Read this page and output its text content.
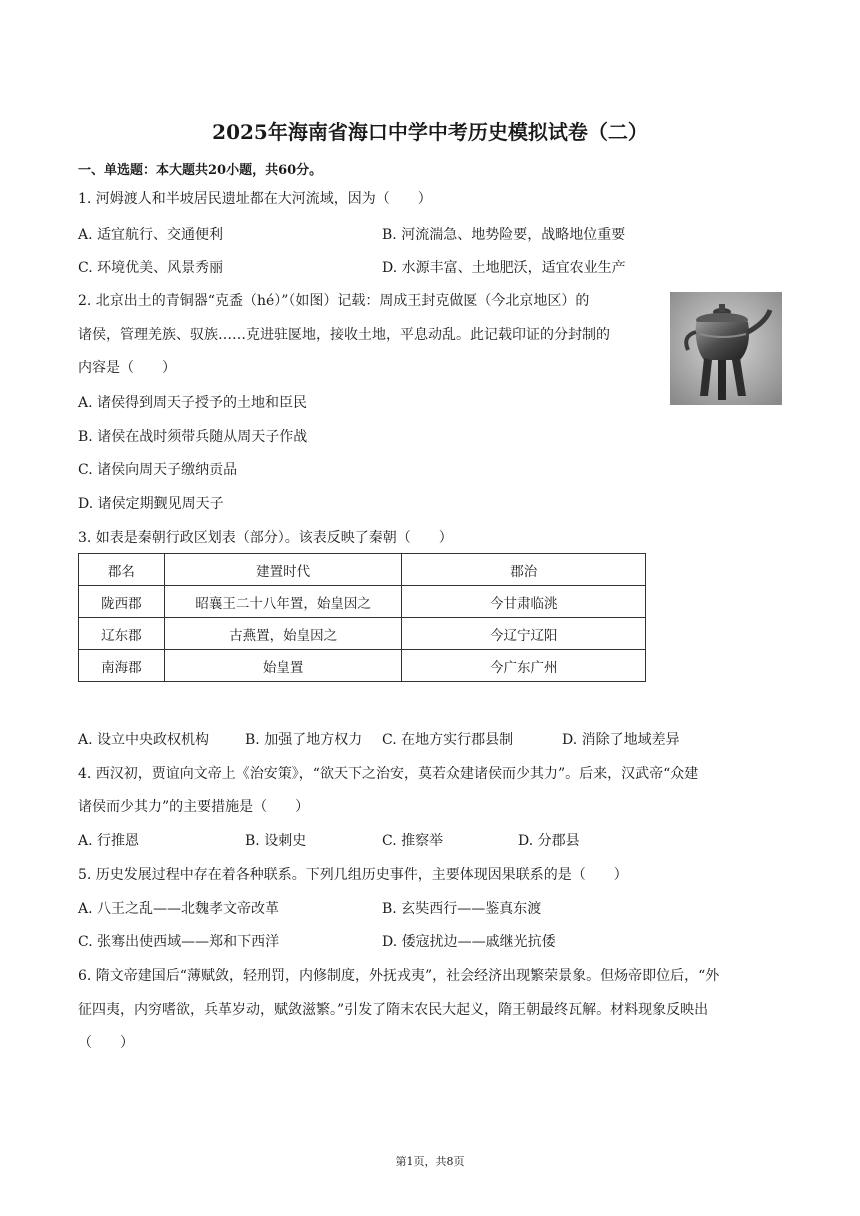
2025年海南省海口中学中考历史模拟试卷（二）
一、单选题：本大题共20小题，共60分。
1. 河姆渡人和半坡居民遗址都在大河流域，因为（　　）
A. 适宜航行、交通便利	B. 河流湍急、地势险要，战略地位重要
C. 环境优美、风景秀丽	D. 水源丰富、土地肥沃，适宜农业生产
2. 北京出土的青铜器“克盉（hé）”（如图）记载：周成王封克做匽（今北京地区）的
诸侯，管理羌族、驭族……克进驻匽地，接收土地，平息动乱。此记载印证的分封制的
内容是（　　）
A. 诸侯得到周天子授予的土地和臣民
B. 诸侯在战时须带兵随从周天子作战
C. 诸侯向周天子缴纳贡品
D. 诸侯定期觐见周天子
3. 如表是秦朝行政区划表（部分）。该表反映了秦朝（　　）
郡名	建置时代	郡治
陇西郡	昭襄王二十八年置，始皇因之	今甘肃临洮
辽东郡	古燕置，始皇因之	今辽宁辽阳
南海郡	始皇置	今广东广州
A. 设立中央政权机构	B. 加强了地方权力 C. 在地方实行郡县制	D. 消除了地域差异
4. 西汉初，贾谊向文帝上《治安策》，“欲天下之治安，莫若众建诸侯而少其力”。后来，汉武帝“众建
诸侯而少其力”的主要措施是（　　）
A. 行推恩	B. 设刺史	C. 推察举	D. 分郡县
5. 历史发展过程中存在着各种联系。下列几组历史事件，主要体现因果联系的是（　　）
A. 八王之乱——北魏孝文帝改革	B. 玄奘西行——鉴真东渡
C. 张骞出使西域——郑和下西洋	D. 倭寇扰边——戚继光抗倭
6. 隋文帝建国后“薄赋敛，轻刑罚，内修制度，外抚戎夷”，社会经济出现繁荣景象。但炀帝即位后，“外
征四夷，内穷嗜欲，兵革岁动，赋敛滋繁。”引发了隋末农民大起义，隋王朝最终瓦解。材料现象反映出
（　　）
第1页，共8页
